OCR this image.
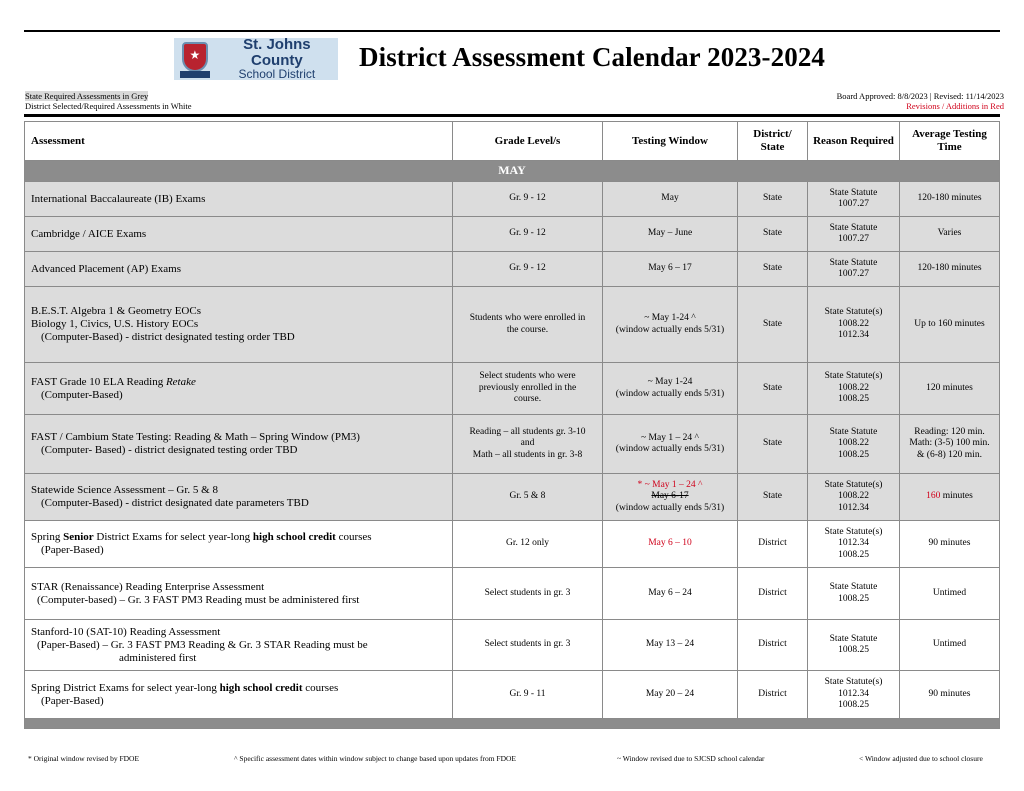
★
St. Johns County
School District
District Assessment Calendar 2023-2024
State Required Assessments in Grey
District Selected/Required Assessments in White
Board Approved: 8/8/2023 | Revised: 11/14/2023
Revisions / Additions in Red
Assessment	Grade Level/s	Testing Window	District/ State	Reason Required	Average Testing Time
MAY					
International Baccalaureate (IB) Exams	Gr. 9 - 12	May	State	State Statute
1007.27	120-180 minutes
Cambridge / AICE Exams	Gr. 9 - 12	May – June	State	State Statute
1007.27	Varies
Advanced Placement (AP) Exams	Gr. 9 - 12	May 6 – 17	State	State Statute
1007.27	120-180 minutes
B.E.S.T. Algebra 1 & Geometry EOCs
Biology 1, Civics, U.S. History EOCs
(Computer-Based) - district designated testing order TBD	Students who were enrolled in
the course.	~ May 1-24 ^
(window actually ends 5/31)	State	State Statute(s)
1008.22
1012.34	Up to 160 minutes
FAST Grade 10 ELA Reading Retake
(Computer-Based)	Select students who were
previously enrolled in the
course.	~ May 1-24
(window actually ends 5/31)	State	State Statute(s)
1008.22
1008.25	120 minutes
FAST / Cambium State Testing: Reading & Math – Spring Window (PM3)
(Computer- Based) - district designated testing order TBD	Reading – all students gr. 3-10
and
Math – all students in gr. 3-8	~ May 1 – 24 ^
(window actually ends 5/31)	State	State Statute
1008.22
1008.25	Reading: 120 min.
Math: (3-5) 100 min.
& (6-8) 120 min.
Statewide Science Assessment – Gr. 5 & 8
(Computer-Based) - district designated date parameters TBD	Gr. 5 & 8	* ~ May 1 – 24 ^
May 6-17
(window actually ends 5/31)	State	State Statute(s)
1008.22
1012.34	160 minutes
Spring Senior District Exams for select year-long high school credit courses
(Paper-Based)	Gr. 12 only	May 6 – 10	District	State Statute(s)
1012.34
1008.25	90 minutes
STAR (Renaissance) Reading Enterprise Assessment
(Computer-based) – Gr. 3 FAST PM3 Reading must be administered first	Select students in gr. 3	May 6 – 24	District	State Statute
1008.25	Untimed
Stanford-10 (SAT-10) Reading Assessment
(Paper-Based) – Gr. 3 FAST PM3 Reading & Gr. 3 STAR Reading must be
administered first	Select students in gr. 3	May 13 – 24	District	State Statute
1008.25	Untimed
Spring District Exams for select year-long high school credit courses
(Paper-Based)	Gr. 9 - 11	May 20 – 24	District	State Statute(s)
1012.34
1008.25	90 minutes

* Original window revised by FDOE	^ Specific assessment dates within window subject to change based upon updates from FDOE	~ Window revised due to SJCSD school calendar	< Window adjusted due to school closure
